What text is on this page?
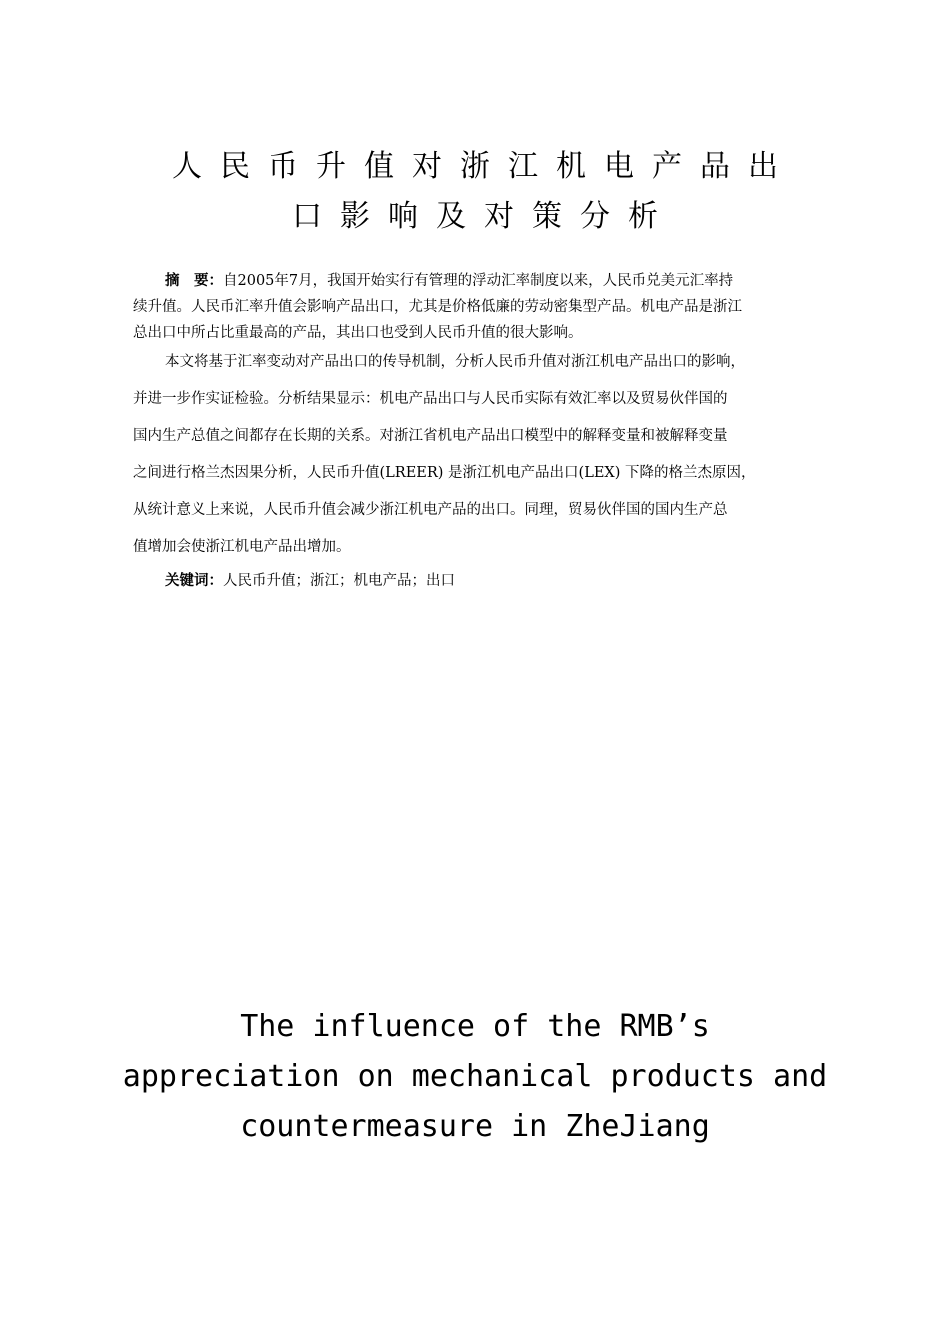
人民币升值对浙江机电产品出
口影响及对策分析
摘　要：自2005年7月，我国开始实行有管理的浮动汇率制度以来，人民币兑美元汇率持
续升值。人民币汇率升值会影响产品出口，尤其是价格低廉的劳动密集型产品。机电产品是浙江
总出口中所占比重最高的产品，其出口也受到人民币升值的很大影响。
本文将基于汇率变动对产品出口的传导机制，分析人民币升值对浙江机电产品出口的影响，
并进一步作实证检验。分析结果显示：机电产品出口与人民币实际有效汇率以及贸易伙伴国的
国内生产总值之间都存在长期的关系。对浙江省机电产品出口模型中的解释变量和被解释变量
之间进行格兰杰因果分析，人民币升值(LREER) 是浙江机电产品出口(LEX) 下降的格兰杰原因，
从统计意义上来说，人民币升值会减少浙江机电产品的出口。同理，贸易伙伴国的国内生产总
值增加会使浙江机电产品出增加。
关键词：人民币升值；浙江；机电产品；出口
The influence of the RMB’s
appreciation on mechanical products and
countermeasure in ZheJiang
